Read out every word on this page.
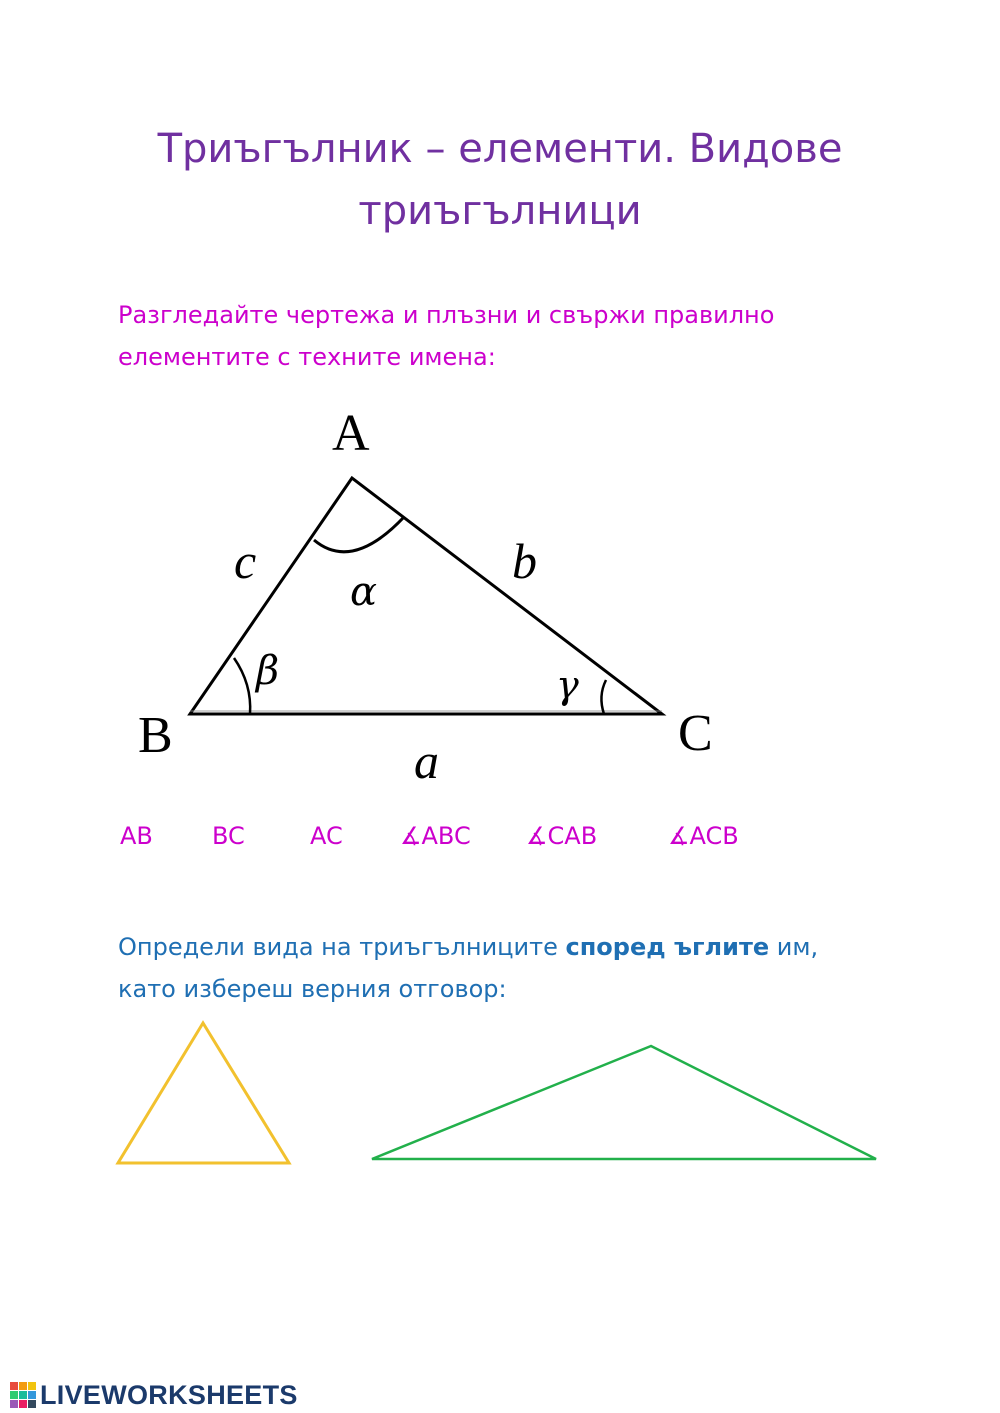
Триъгълник – елементи. Видове
триъгълници
Разгледайте чертежа и плъзни и свържи правилно
елементите с техните имена:
A
B	C
c	b
a
α
β	γ
AB BC	AC ∡ABC ∡CAB	∡ACB
Определи вида на триъгълниците според ъглите им,
като избереш верния отговор:
LIVEWORKSHEETS
